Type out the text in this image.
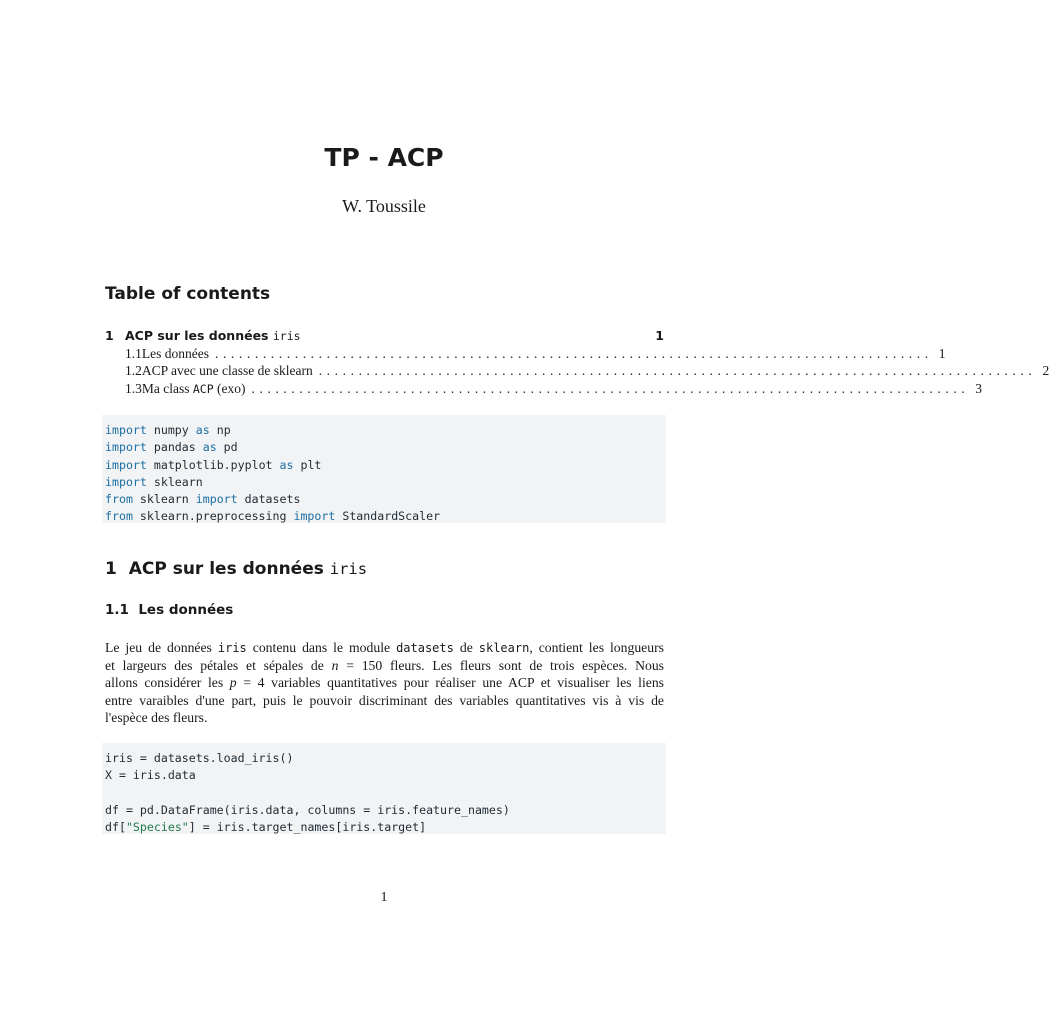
TP - ACP
W. Toussile
Table of contents
1 ACP sur les données iris	1
1.1 Les données .......................................................................................... 1
1.2 ACP avec une classe de sklearn .......................................................................................... 2
1.3 Ma class ACP (exo) .......................................................................................... 3
import numpy as np
import pandas as pd
import matplotlib.pyplot as plt
import sklearn
from sklearn import datasets
from sklearn.preprocessing import StandardScaler
1 ACP sur les données iris
1.1 Les données
Le jeu de données iris contenu dans le module datasets de sklearn, contient les longueurs
et largeurs des pétales et sépales de n = 150 fleurs. Les fleurs sont de trois espèces. Nous
allons considérer les p = 4 variables quantitatives pour réaliser une ACP et visualiser les liens
entre varaibles d'une part, puis le pouvoir discriminant des variables quantitatives vis à vis de
l'espèce des fleurs.
iris = datasets.load_iris()
X = iris.data
df = pd.DataFrame(iris.data, columns = iris.feature_names)
df["Species"] = iris.target_names[iris.target]
1
